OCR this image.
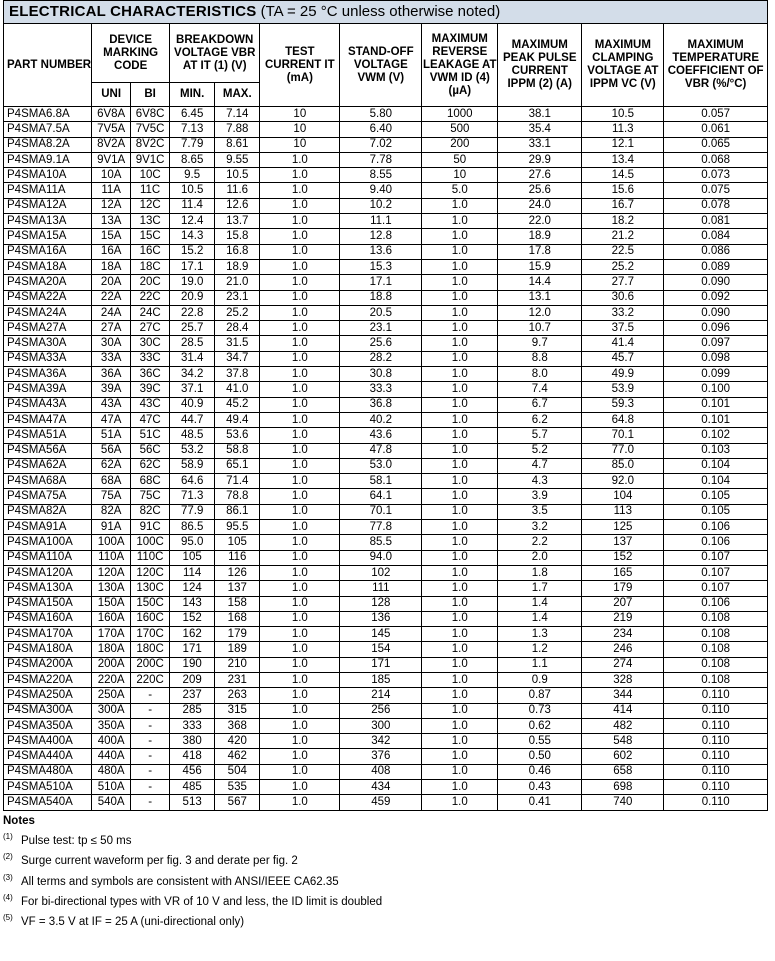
ELECTRICAL CHARACTERISTICS (TA = 25 °C unless otherwise noted)
PART NUMBER	DEVICE MARKING CODE		BREAKDOWN VOLTAGE VBR AT IT (1) (V)		TEST CURRENT IT (mA)	STAND-OFF VOLTAGE VWM (V)	MAXIMUM REVERSE LEAKAGE AT VWM ID (4) (µA)	MAXIMUM PEAK PULSE CURRENT IPPM (2) (A)	MAXIMUM CLAMPING VOLTAGE AT IPPM VC (V)	MAXIMUM TEMPERATURE COEFFICIENT OF VBR (%/°C)
	UNI	BI	MIN.	MAX.						
P4SMA6.8A	6V8A	6V8C	6.45	7.14	10	5.80	1000	38.1	10.5	0.057
P4SMA7.5A	7V5A	7V5C	7.13	7.88	10	6.40	500	35.4	11.3	0.061
P4SMA8.2A	8V2A	8V2C	7.79	8.61	10	7.02	200	33.1	12.1	0.065
P4SMA9.1A	9V1A	9V1C	8.65	9.55	1.0	7.78	50	29.9	13.4	0.068
P4SMA10A	10A	10C	9.5	10.5	1.0	8.55	10	27.6	14.5	0.073
P4SMA11A	11A	11C	10.5	11.6	1.0	9.40	5.0	25.6	15.6	0.075
P4SMA12A	12A	12C	11.4	12.6	1.0	10.2	1.0	24.0	16.7	0.078
P4SMA13A	13A	13C	12.4	13.7	1.0	11.1	1.0	22.0	18.2	0.081
P4SMA15A	15A	15C	14.3	15.8	1.0	12.8	1.0	18.9	21.2	0.084
P4SMA16A	16A	16C	15.2	16.8	1.0	13.6	1.0	17.8	22.5	0.086
P4SMA18A	18A	18C	17.1	18.9	1.0	15.3	1.0	15.9	25.2	0.089
P4SMA20A	20A	20C	19.0	21.0	1.0	17.1	1.0	14.4	27.7	0.090
P4SMA22A	22A	22C	20.9	23.1	1.0	18.8	1.0	13.1	30.6	0.092
P4SMA24A	24A	24C	22.8	25.2	1.0	20.5	1.0	12.0	33.2	0.090
P4SMA27A	27A	27C	25.7	28.4	1.0	23.1	1.0	10.7	37.5	0.096
P4SMA30A	30A	30C	28.5	31.5	1.0	25.6	1.0	9.7	41.4	0.097
P4SMA33A	33A	33C	31.4	34.7	1.0	28.2	1.0	8.8	45.7	0.098
P4SMA36A	36A	36C	34.2	37.8	1.0	30.8	1.0	8.0	49.9	0.099
P4SMA39A	39A	39C	37.1	41.0	1.0	33.3	1.0	7.4	53.9	0.100
P4SMA43A	43A	43C	40.9	45.2	1.0	36.8	1.0	6.7	59.3	0.101
P4SMA47A	47A	47C	44.7	49.4	1.0	40.2	1.0	6.2	64.8	0.101
P4SMA51A	51A	51C	48.5	53.6	1.0	43.6	1.0	5.7	70.1	0.102
P4SMA56A	56A	56C	53.2	58.8	1.0	47.8	1.0	5.2	77.0	0.103
P4SMA62A	62A	62C	58.9	65.1	1.0	53.0	1.0	4.7	85.0	0.104
P4SMA68A	68A	68C	64.6	71.4	1.0	58.1	1.0	4.3	92.0	0.104
P4SMA75A	75A	75C	71.3	78.8	1.0	64.1	1.0	3.9	104	0.105
P4SMA82A	82A	82C	77.9	86.1	1.0	70.1	1.0	3.5	113	0.105
P4SMA91A	91A	91C	86.5	95.5	1.0	77.8	1.0	3.2	125	0.106
P4SMA100A	100A	100C	95.0	105	1.0	85.5	1.0	2.2	137	0.106
P4SMA110A	110A	110C	105	116	1.0	94.0	1.0	2.0	152	0.107
P4SMA120A	120A	120C	114	126	1.0	102	1.0	1.8	165	0.107
P4SMA130A	130A	130C	124	137	1.0	111	1.0	1.7	179	0.107
P4SMA150A	150A	150C	143	158	1.0	128	1.0	1.4	207	0.106
P4SMA160A	160A	160C	152	168	1.0	136	1.0	1.4	219	0.108
P4SMA170A	170A	170C	162	179	1.0	145	1.0	1.3	234	0.108
P4SMA180A	180A	180C	171	189	1.0	154	1.0	1.2	246	0.108
P4SMA200A	200A	200C	190	210	1.0	171	1.0	1.1	274	0.108
P4SMA220A	220A	220C	209	231	1.0	185	1.0	0.9	328	0.108
P4SMA250A	250A	-	237	263	1.0	214	1.0	0.87	344	0.110
P4SMA300A	300A	-	285	315	1.0	256	1.0	0.73	414	0.110
P4SMA350A	350A	-	333	368	1.0	300	1.0	0.62	482	0.110
P4SMA400A	400A	-	380	420	1.0	342	1.0	0.55	548	0.110
P4SMA440A	440A	-	418	462	1.0	376	1.0	0.50	602	0.110
P4SMA480A	480A	-	456	504	1.0	408	1.0	0.46	658	0.110
P4SMA510A	510A	-	485	535	1.0	434	1.0	0.43	698	0.110
P4SMA540A	540A	-	513	567	1.0	459	1.0	0.41	740	0.110
Notes
$^{(1)}$ Pulse test: tp ≤ 50 ms
$^{(2)}$ Surge current waveform per fig. 3 and derate per fig. 2
$^{(3)}$ All terms and symbols are consistent with ANSI/IEEE CA62.35
$^{(4)}$ For bi-directional types with VR of 10 V and less, the ID limit is doubled
$^{(5)}$ VF = 3.5 V at IF = 25 A (uni-directional only)
